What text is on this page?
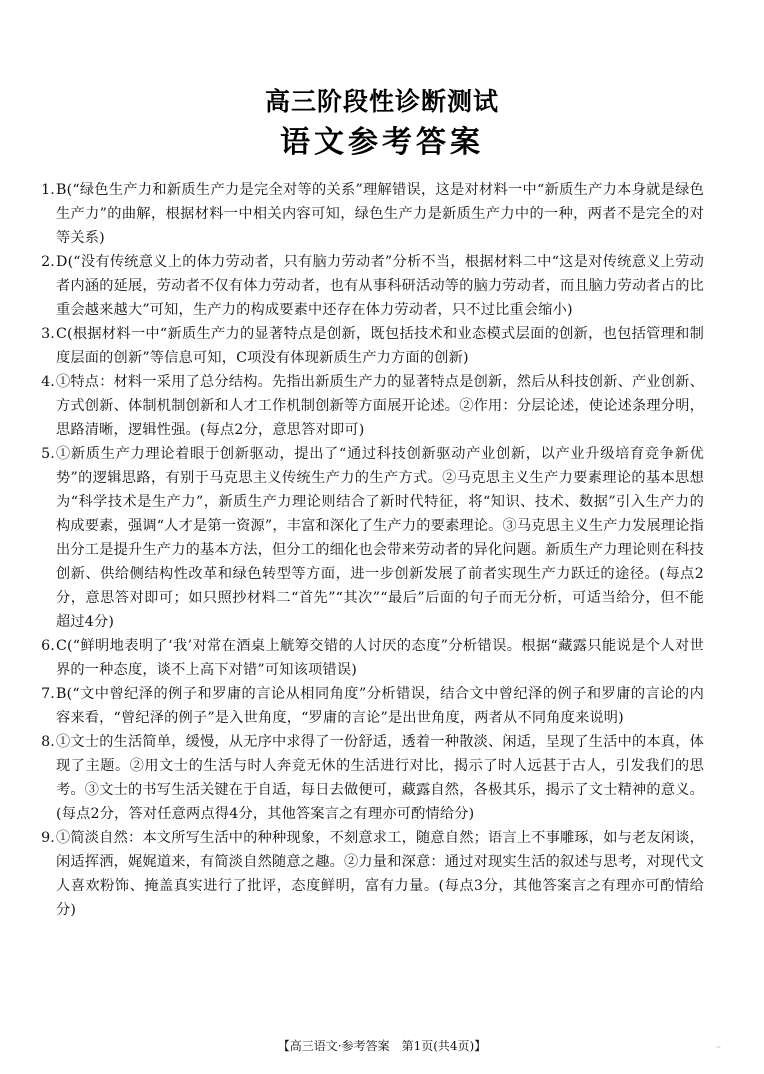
高三阶段性诊断测试
语文参考答案
1. B(“绿色生产力和新质生产力是完全对等的关系”理解错误，这是对材料一中“新质生产力本身就是绿色生产力”的曲解，根据材料一中相关内容可知，绿色生产力是新质生产力中的一种，两者不是完全的对等关系)
2. D(“没有传统意义上的体力劳动者，只有脑力劳动者”分析不当，根据材料二中“这是对传统意义上劳动者内涵的延展，劳动者不仅有体力劳动者，也有从事科研活动等的脑力劳动者，而且脑力劳动者占的比重会越来越大”可知，生产力的构成要素中还存在体力劳动者，只不过比重会缩小)
3. C(根据材料一中“新质生产力的显著特点是创新，既包括技术和业态模式层面的创新，也包括管理和制度层面的创新”等信息可知，C项没有体现新质生产力方面的创新)
4. ①特点：材料一采用了总分结构。先指出新质生产力的显著特点是创新，然后从科技创新、产业创新、方式创新、体制机制创新和人才工作机制创新等方面展开论述。②作用：分层论述，使论述条理分明，思路清晰，逻辑性强。(每点2分，意思答对即可)
5. ①新质生产力理论着眼于创新驱动，提出了“通过科技创新驱动产业创新，以产业升级培育竞争新优势”的逻辑思路，有别于马克思主义传统生产力的生产方式。②马克思主义生产力要素理论的基本思想为“科学技术是生产力”，新质生产力理论则结合了新时代特征，将“知识、技术、数据”引入生产力的构成要素，强调“人才是第一资源”，丰富和深化了生产力的要素理论。③马克思主义生产力发展理论指出分工是提升生产力的基本方法，但分工的细化也会带来劳动者的异化问题。新质生产力理论则在科技创新、供给侧结构性改革和绿色转型等方面，进一步创新发展了前者实现生产力跃迁的途径。(每点2分，意思答对即可；如只照抄材料二“首先”“其次”“最后”后面的句子而无分析，可适当给分，但不能超过4分)
6. C(“鲜明地表明了‘我’对常在酒桌上觥筹交错的人讨厌的态度”分析错误。根据“藏露只能说是个人对世界的一种态度，谈不上高下对错”可知该项错误)
7. B(“文中曾纪泽的例子和罗庸的言论从相同角度”分析错误，结合文中曾纪泽的例子和罗庸的言论的内容来看，“曾纪泽的例子”是入世角度，“罗庸的言论”是出世角度，两者从不同角度来说明)
8. ①文士的生活简单，缓慢，从无序中求得了一份舒适，透着一种散淡、闲适，呈现了生活中的本真，体现了主题。②用文士的生活与时人奔竞无休的生活进行对比，揭示了时人远甚于古人，引发我们的思考。③文士的书写生活关键在于自适，每日去做便可，藏露自然，各极其乐，揭示了文士精神的意义。(每点2分，答对任意两点得4分，其他答案言之有理亦可酌情给分)
9. ①简淡自然：本文所写生活中的种种现象，不刻意求工，随意自然；语言上不事雕琢，如与老友闲谈，闲适挥洒，娓娓道来，有简淡自然随意之趣。②力量和深意：通过对现实生活的叙述与思考，对现代文人喜欢粉饰、掩盖真实进行了批评，态度鲜明，富有力量。(每点3分，其他答案言之有理亦可酌情给分)
【高三语文·参考答案　第1页(共4页)】	··
